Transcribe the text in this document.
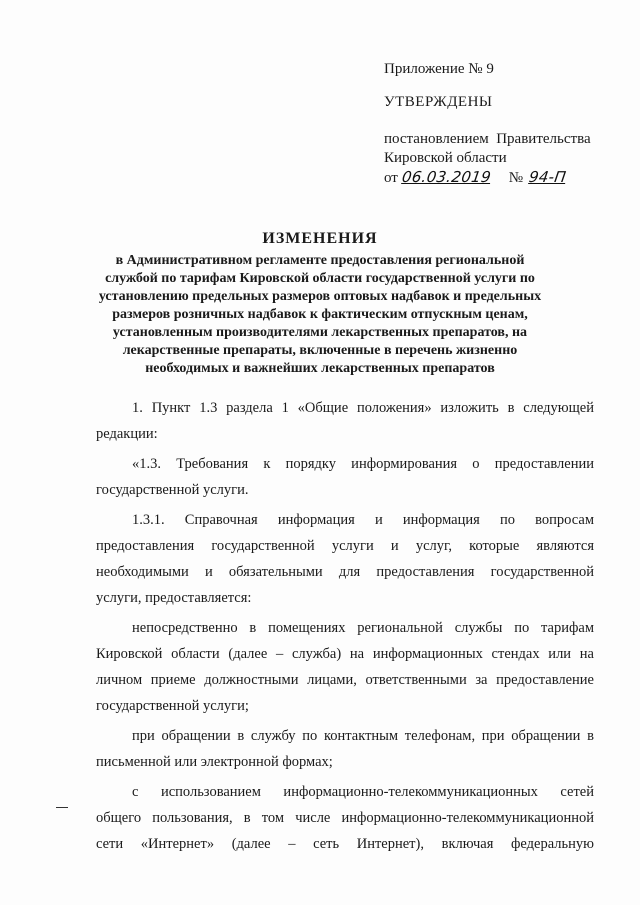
Приложение № 9

УТВЕРЖДЕНЫ

постановлением  Правительства

Кировской области

от 06.03.2019 № 94-П

ИЗМЕНЕНИЯ

в Административном регламенте предоставления региональной
службой по тарифам Кировской области государственной услуги по
установлению предельных размеров оптовых надбавок и предельных
размеров розничных надбавок к фактическим отпускным ценам,
установленным производителями лекарственных препаратов, на
лекарственные препараты, включенные в перечень жизненно
необходимых и важнейших лекарственных препаратов

1. Пункт 1.3 раздела 1 «Общие положения» изложить в следующей
редакции:
«1.3. Требования к порядку информирования о предоставлении
государственной услуги.
1.3.1. Справочная информация и информация по вопросам
предоставления государственной услуги и услуг, которые являются
необходимыми и обязательными для предоставления государственной
услуги, предоставляется:
непосредственно в помещениях региональной службы по тарифам
Кировской области (далее – служба) на информационных стендах или на
личном приеме должностными лицами, ответственными за предоставление
государственной услуги;
при обращении в службу по контактным телефонам, при обращении в
письменной или электронной формах;
с использованием информационно-телекоммуникационных сетей
общего пользования, в том числе информационно-телекоммуникационной
сети «Интернет» (далее – сеть Интернет), включая федеральную
